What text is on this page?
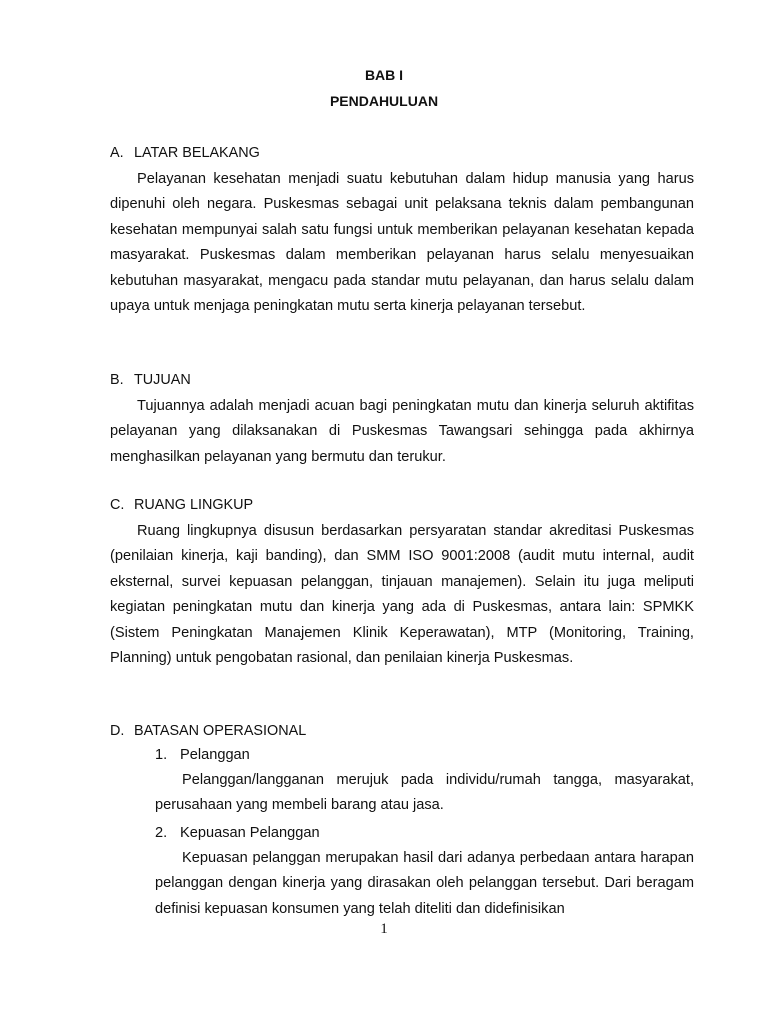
BAB I
PENDAHULUAN
A. LATAR BELAKANG
Pelayanan kesehatan menjadi suatu kebutuhan dalam hidup manusia yang harus dipenuhi oleh negara. Puskesmas sebagai unit pelaksana teknis dalam pembangunan kesehatan mempunyai salah satu fungsi untuk memberikan pelayanan kesehatan kepada masyarakat. Puskesmas dalam memberikan pelayanan harus selalu menyesuaikan kebutuhan masyarakat, mengacu pada standar mutu pelayanan, dan harus selalu dalam upaya untuk menjaga peningkatan mutu serta kinerja pelayanan tersebut.
B. TUJUAN
Tujuannya adalah menjadi acuan bagi peningkatan mutu dan kinerja seluruh aktifitas pelayanan yang dilaksanakan di Puskesmas Tawangsari sehingga pada akhirnya menghasilkan pelayanan yang bermutu dan terukur.
C. RUANG LINGKUP
Ruang lingkupnya disusun berdasarkan persyaratan standar akreditasi Puskesmas (penilaian kinerja, kaji banding), dan SMM ISO 9001:2008 (audit mutu internal, audit eksternal, survei kepuasan pelanggan, tinjauan manajemen). Selain itu juga meliputi kegiatan peningkatan mutu dan kinerja yang ada di Puskesmas, antara lain: SPMKK (Sistem Peningkatan Manajemen Klinik Keperawatan), MTP (Monitoring, Training, Planning) untuk pengobatan rasional, dan penilaian kinerja Puskesmas.
D. BATASAN OPERASIONAL
1. Pelanggan
Pelanggan/langganan merujuk pada individu/rumah tangga, masyarakat, perusahaan yang membeli barang atau jasa.
2. Kepuasan Pelanggan
Kepuasan pelanggan merupakan hasil dari adanya perbedaan antara harapan pelanggan dengan kinerja yang dirasakan oleh pelanggan tersebut. Dari beragam definisi kepuasan konsumen yang telah diteliti dan didefinisikan
1
